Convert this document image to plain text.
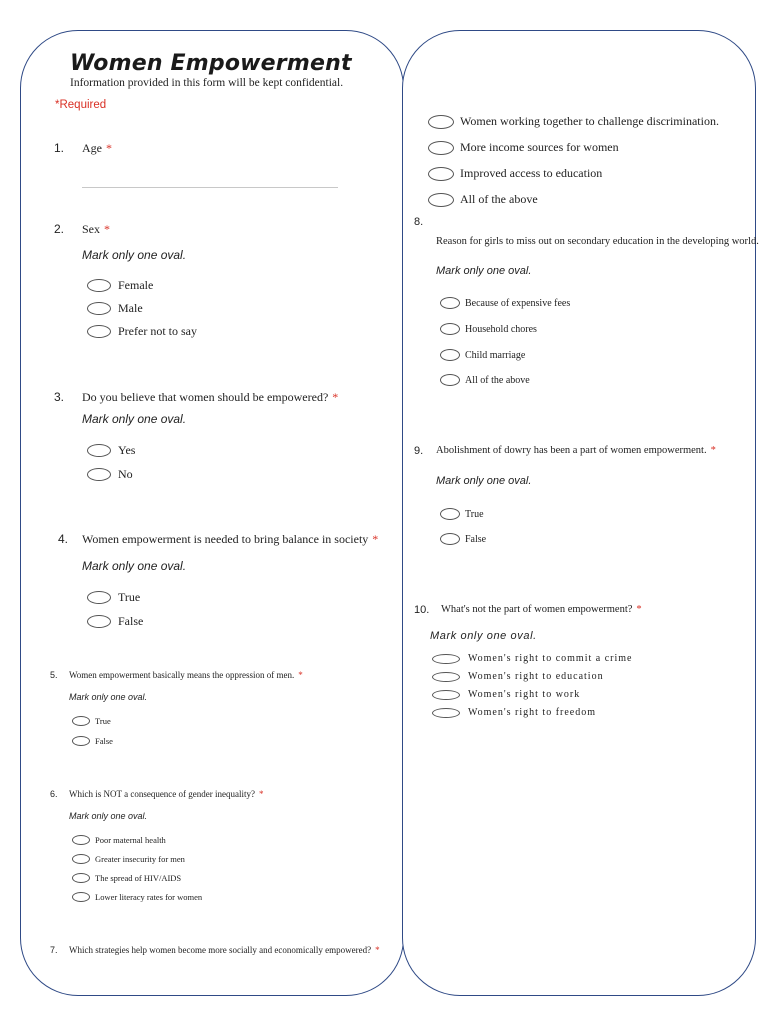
Women Empowerment
Information provided in this form will be kept confidential.
*Required
1. Age *
2. Sex *
Mark only one oval.
Female
Male
Prefer not to say
3. Do you believe that women should be empowered? *
Mark only one oval.
Yes
No
4. Women empowerment is needed to bring balance in society *
Mark only one oval.
True
False
5. Women empowerment basically means the oppression of men. *
Mark only one oval.
True
False
6. Which is NOT a consequence of gender inequality? *
Mark only one oval.
Poor maternal health
Greater insecurity for men
The spread of HIV/AIDS
Lower literacy rates for women
7. Which strategies help women become more socially and economically empowered? *
Women working together to challenge discrimination.
More income sources for women
Improved access to education
All of the above
8.
Reason for girls to miss out on secondary education in the developing world.
Mark only one oval.
Because of expensive fees
Household chores
Child marriage
All of the above
9. Abolishment of dowry has been a part of women empowerment. *
Mark only one oval.
True
False
10. What's not the part of women empowerment? *
Mark only one oval.
Women's right to commit a crime
Women's right to education
Women's right to work
Women's right to freedom
